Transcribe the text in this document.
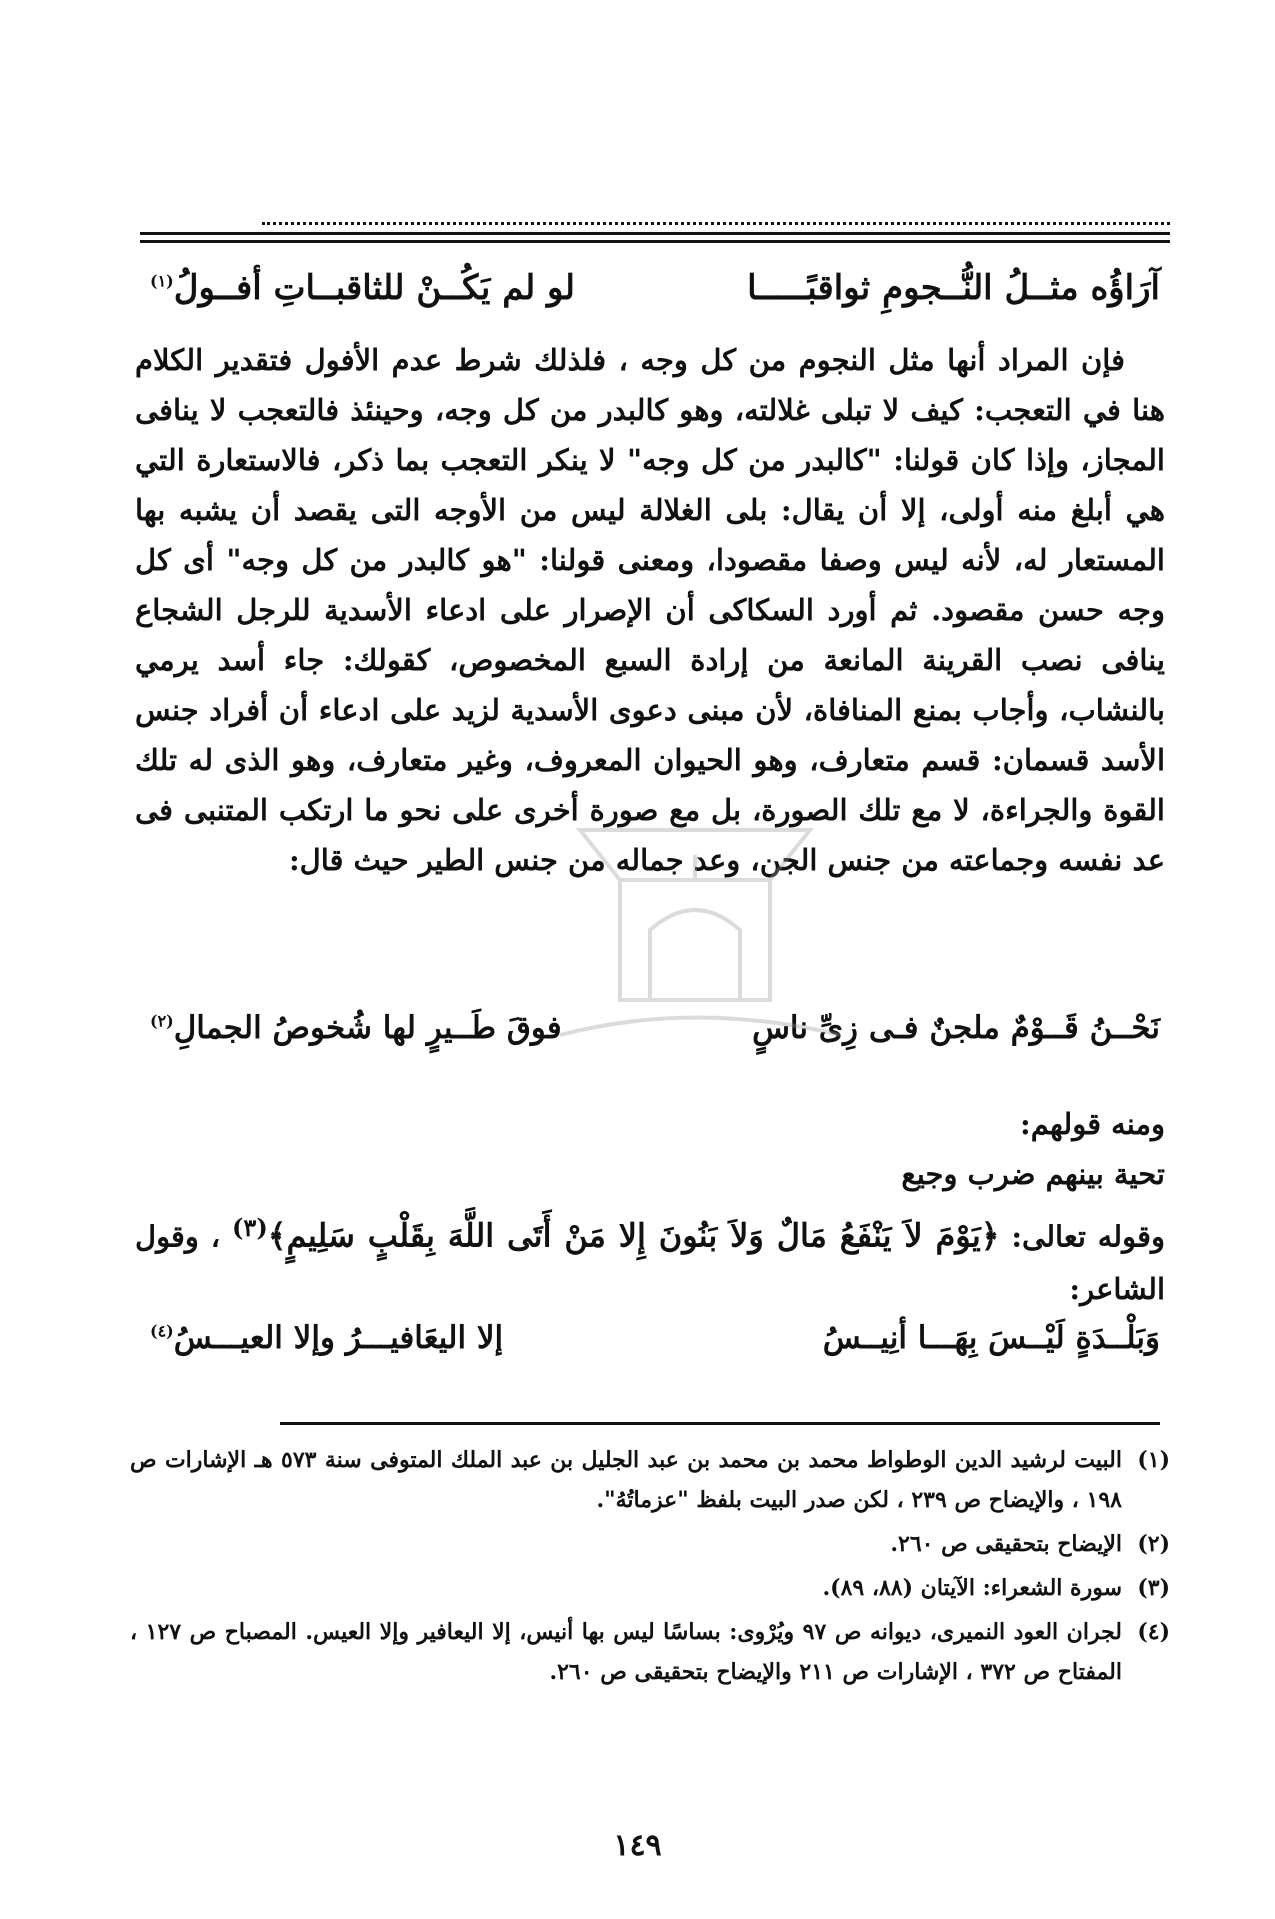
آرَاؤُه مثــلُ النُّــجومِ ثواقبًـــــا
لو لم يَكُــنْ للثاقبــاتِ أفــولُ$^{(١)}$

فإن المراد أنها مثل النجوم من كل وجه ، فلذلك شرط عدم الأفول فتقدير الكلام هنا في التعجب: كيف لا تبلى غلالته، وهو كالبدر من كل وجه، وحينئذ فالتعجب لا ينافى المجاز، وإذا كان قولنا: "كالبدر من كل وجه" لا ينكر التعجب بما ذكر، فالاستعارة التي هي أبلغ منه أولى، إلا أن يقال: بلى الغلالة ليس من الأوجه التى يقصد أن يشبه بها المستعار له، لأنه ليس وصفا مقصودا، ومعنى قولنا: "هو كالبدر من كل وجه" أى كل وجه حسن مقصود. ثم أورد السكاكى أن الإصرار على ادعاء الأسدية للرجل الشجاع ينافى نصب القرينة المانعة من إرادة السبع المخصوص، كقولك: جاء أسد يرمي بالنشاب، وأجاب بمنع المنافاة، لأن مبنى دعوى الأسدية لزيد على ادعاء أن أفراد جنس الأسد قسمان: قسم متعارف، وهو الحيوان المعروف، وغير متعارف، وهو الذى له تلك القوة والجراءة، لا مع تلك الصورة، بل مع صورة أخرى على نحو ما ارتكب المتنبى فى عد نفسه وجماعته من جنس الجن، وعد جماله من جنس الطير حيث قال:

نَحْــنُ قَــوْمٌ ملجنٌ فـى زِىِّ ناسٍ
فوقَ طَــيرٍ لها شُخوصُ الجمالِ$^{(٢)}$
ومنه قولهم:
تحية بينهم ضرب وجيع
وقوله تعالى: ﴿يَوْمَ لاَ يَنْفَعُ مَالٌ وَلاَ بَنُونَ إِلا مَنْ أَتَى اللَّهَ بِقَلْبٍ سَلِيمٍ﴾$^{(٣)}$ ، وقول الشاعر:
وَبَلْــدَةٍ لَيْــسَ بِهَـــا أنِيــسُ
إلا اليعَافيـــرُ وإلا العيـــسُ$^{(٤)}$
(١)
البيت لرشيد الدين الوطواط محمد بن محمد بن عبد الجليل بن عبد الملك المتوفى سنة ٥٧٣ هـ الإشارات ص ١٩٨ ، والإيضاح ص ٢٣٩ ، لكن صدر البيت بلفظ "عزماتُهُ".
(٢)
الإيضاح بتحقيقى ص ٢٦٠.
(٣)
سورة الشعراء: الآيتان (٨٨، ٨٩).
(٤)
لجران العود النميرى، ديوانه ص ٩٧ ويُرْوى: بساسًا ليس بها أنيس، إلا اليعافير وإلا العيس. المصباح ص ١٢٧ ، المفتاح ص ٣٧٢ ، الإشارات ص ٢١١ والإيضاح بتحقيقى ص ٢٦٠.
١٤٩
